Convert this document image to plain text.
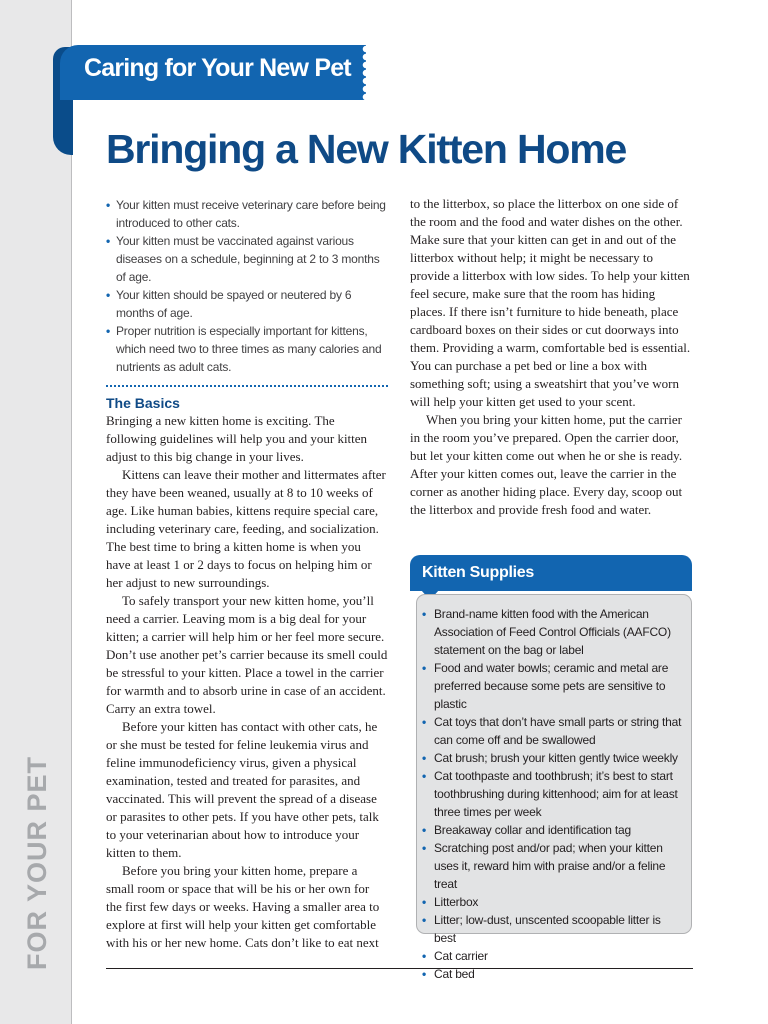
FOR YOUR PET
Caring for Your New Pet
Bringing a New Kitten Home
• Your kitten must receive veterinary care before being introduced to other cats.
• Your kitten must be vaccinated against various diseases on a schedule, beginning at 2 to 3 months of age.
• Your kitten should be spayed or neutered by 6 months of age.
• Proper nutrition is especially important for kittens, which need two to three times as many calories and nutrients as adult cats.
The Basics

Bringing a new kitten home is exciting. The following guidelines will help you and your kitten adjust to this big change in your lives.

Kittens can leave their mother and littermates after they have been weaned, usually at 8 to 10 weeks of age. Like human babies, kittens require special care, including veterinary care, feeding, and socialization. The best time to bring a kitten home is when you have at least 1 or 2 days to focus on helping him or her adjust to new surroundings.

To safely transport your new kitten home, you’ll need a carrier. Leaving mom is a big deal for your kitten; a carrier will help him or her feel more secure. Don’t use another pet’s carrier because its smell could be stressful to your kitten. Place a towel in the carrier for warmth and to absorb urine in case of an accident. Carry an extra towel.

Before your kitten has contact with other cats, he or she must be tested for feline leukemia virus and feline immunodeficiency virus, given a physical examination, tested and treated for parasites, and vaccinated. This will prevent the spread of a disease or parasites to other pets. If you have other pets, talk to your veterinarian about how to introduce your kitten to them.

Before you bring your kitten home, prepare a small room or space that will be his or her own for the first few days or weeks. Having a smaller area to explore at first will help your kitten get comfortable with his or her new home. Cats don’t like to eat next

to the litterbox, so place the litterbox on one side of the room and the food and water dishes on the other. Make sure that your kitten can get in and out of the litterbox without help; it might be necessary to provide a litterbox with low sides. To help your kitten feel secure, make sure that the room has hiding places. If there isn’t furniture to hide beneath, place cardboard boxes on their sides or cut doorways into them. Providing a warm, comfortable bed is essential. You can purchase a pet bed or line a box with something soft; using a sweatshirt that you’ve worn will help your kitten get used to your scent.

When you bring your kitten home, put the carrier in the room you’ve prepared. Open the carrier door, but let your kitten come out when he or she is ready. After your kitten comes out, leave the carrier in the corner as another hiding place. Every day, scoop out the litterbox and provide fresh food and water.

Kitten Supplies
• Brand-name kitten food with the American Association of Feed Control Officials (AAFCO) statement on the bag or label
• Food and water bowls; ceramic and metal are preferred because some pets are sensitive to plastic
• Cat toys that don’t have small parts or string that can come off and be swallowed
• Cat brush; brush your kitten gently twice weekly
• Cat toothpaste and toothbrush; it’s best to start toothbrushing during kittenhood; aim for at least three times per week
• Breakaway collar and identification tag
• Scratching post and/or pad; when your kitten uses it, reward him with praise and/or a feline treat
• Litterbox
• Litter; low-dust, unscented scoopable litter is best
• Cat carrier
• Cat bed
